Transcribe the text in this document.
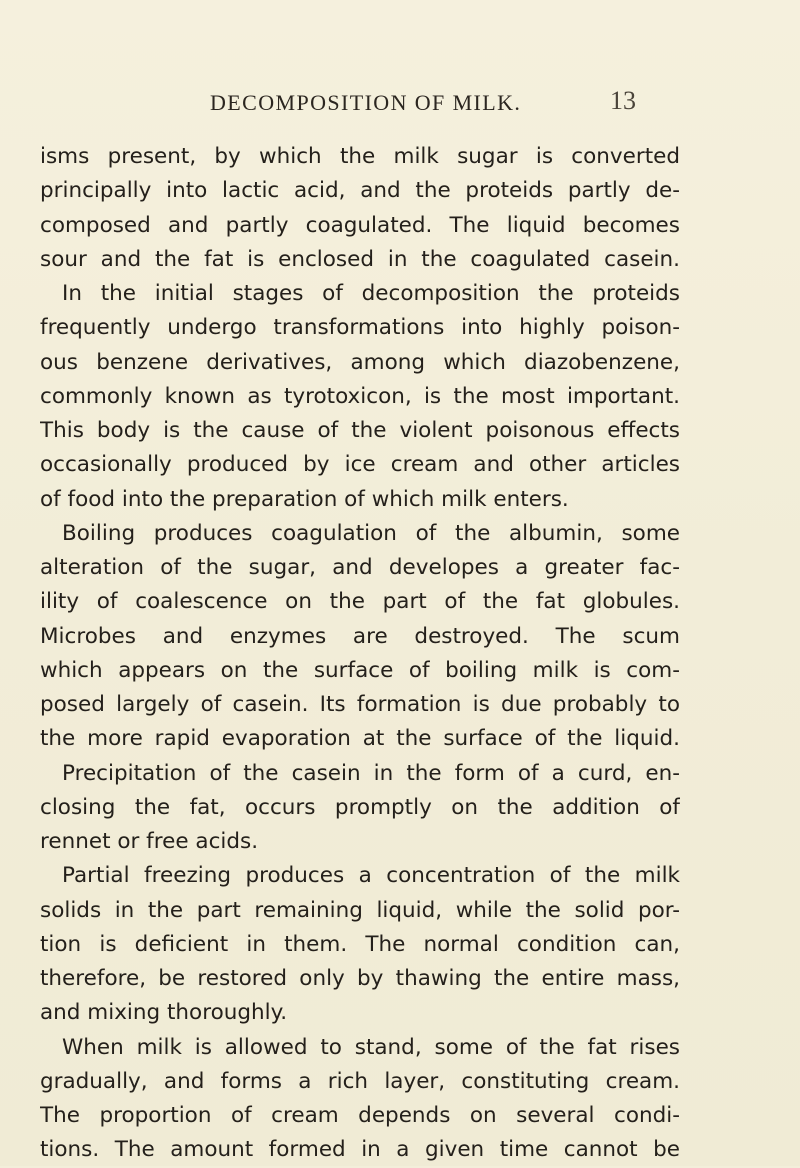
DECOMPOSITION OF MILK.	13
isms present, by which the milk sugar is converted
principally into lactic acid, and the proteids partly de-
composed and partly coagulated. The liquid becomes
sour and the fat is enclosed in the coagulated casein.
In the initial stages of decomposition the proteids
frequently undergo transformations into highly poison-
ous benzene derivatives, among which diazobenzene,
commonly known as tyrotoxicon, is the most important.
This body is the cause of the violent poisonous effects
occasionally produced by ice cream and other articles
of food into the preparation of which milk enters.
Boiling produces coagulation of the albumin, some
alteration of the sugar, and developes a greater fac-
ility of coalescence on the part of the fat globules.
Microbes and enzymes are destroyed. The scum
which appears on the surface of boiling milk is com-
posed largely of casein. Its formation is due probably to
the more rapid evaporation at the surface of the liquid.
Precipitation of the casein in the form of a curd, en-
closing the fat, occurs promptly on the addition of
rennet or free acids.
Partial freezing produces a concentration of the milk
solids in the part remaining liquid, while the solid por-
tion is deficient in them. The normal condition can,
therefore, be restored only by thawing the entire mass,
and mixing thoroughly.
When milk is allowed to stand, some of the fat rises
gradually, and forms a rich layer, constituting cream.
The proportion of cream depends on several condi-
tions. The amount formed in a given time cannot be
